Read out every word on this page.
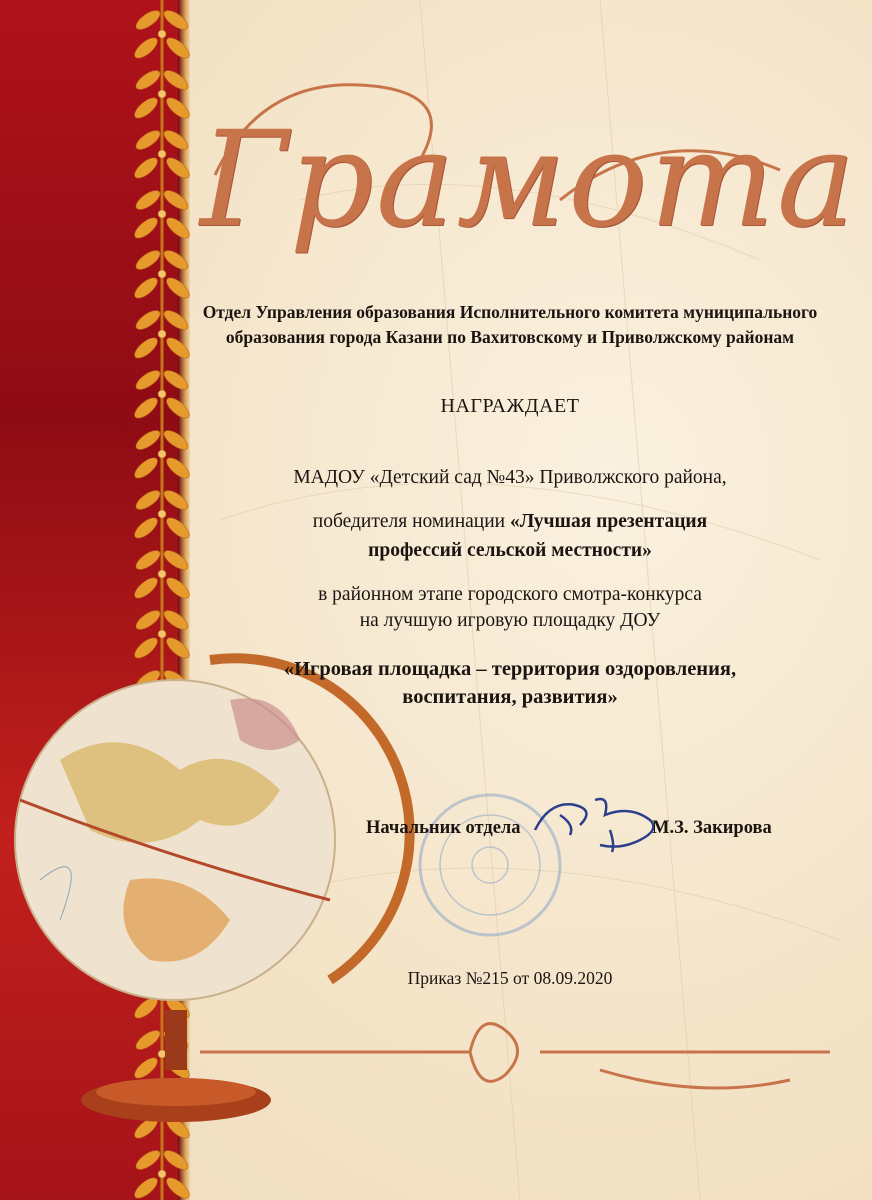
Грамота
Отдел Управления образования Исполнительного комитета муниципального
образования города Казани по Вахитовскому и Приволжскому районам
НАГРАЖДАЕТ
МАДОУ «Детский сад №43» Приволжского района,
победителя номинации «Лучшая презентация
профессий сельской местности»
в районном этапе городского смотра-конкурса
на лучшую игровую площадку ДОУ
«Игровая площадка – территория оздоровления,
воспитания, развития»
Начальник отдела	М.З. Закирова
Приказ №215 от 08.09.2020
